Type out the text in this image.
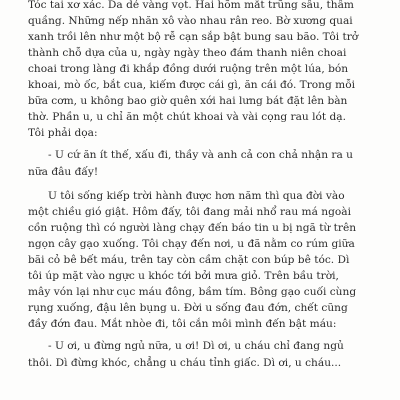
Tóc tai xơ xác. Da dẻ vàng vọt. Hai hõm mắt trũng sâu, thâm
quầng. Những nếp nhăn xô vào nhau rân reo. Bờ xương quai
xanh trồi lên như một bộ rễ cạn sắp bật bung sau bão. Tôi trở
thành chỗ dựa của u, ngày ngày theo đám thanh niên choai
choai trong làng đi khắp đồng dưới ruộng trên một lúa, bón
khoai, mò ốc, bắt cua, kiếm được cái gì, ăn cái đó. Trong mỗi
bữa cơm, u không bao giờ quên xới hai lưng bát đặt lên bàn
thờ. Phần u, u chỉ ăn một chút khoai và vài cọng rau lót dạ.
Tôi phải dọa:
- U cứ ăn ít thế, xấu đi, thầy và anh cả con chả nhận ra u
nữa đâu đấy!
U tôi sống kiếp trời hành được hơn năm thì qua đời vào
một chiều gió giật. Hôm đấy, tôi đang mải nhổ rau má ngoài
cồn ruộng thì có người làng chạy đến báo tin u bị ngã từ trên
ngọn cây gạo xuống. Tôi chạy đến nơi, u đã nằm co rúm giữa
bãi cỏ bê bết máu, trên tay còn cầm chặt con búp bê tóc. Dì
tôi úp mặt vào ngực u khóc tới bởi mưa giỏ. Trên bầu trời,
mây vón lại như cục máu đông, bầm tím. Bông gạo cuối cùng
rụng xuống, đậu lên bụng u. Đời u sống đau đớn, chết cũng
đầy đớn đau. Mắt nhòe đi, tôi cắn môi mình đến bật máu:
- U ơi, u đừng ngủ nữa, u ơi! Dì ơi, u cháu chỉ đang ngủ
thôi. Dì đừng khóc, chẳng u cháu tỉnh giấc. Dì ơi, u cháu...
